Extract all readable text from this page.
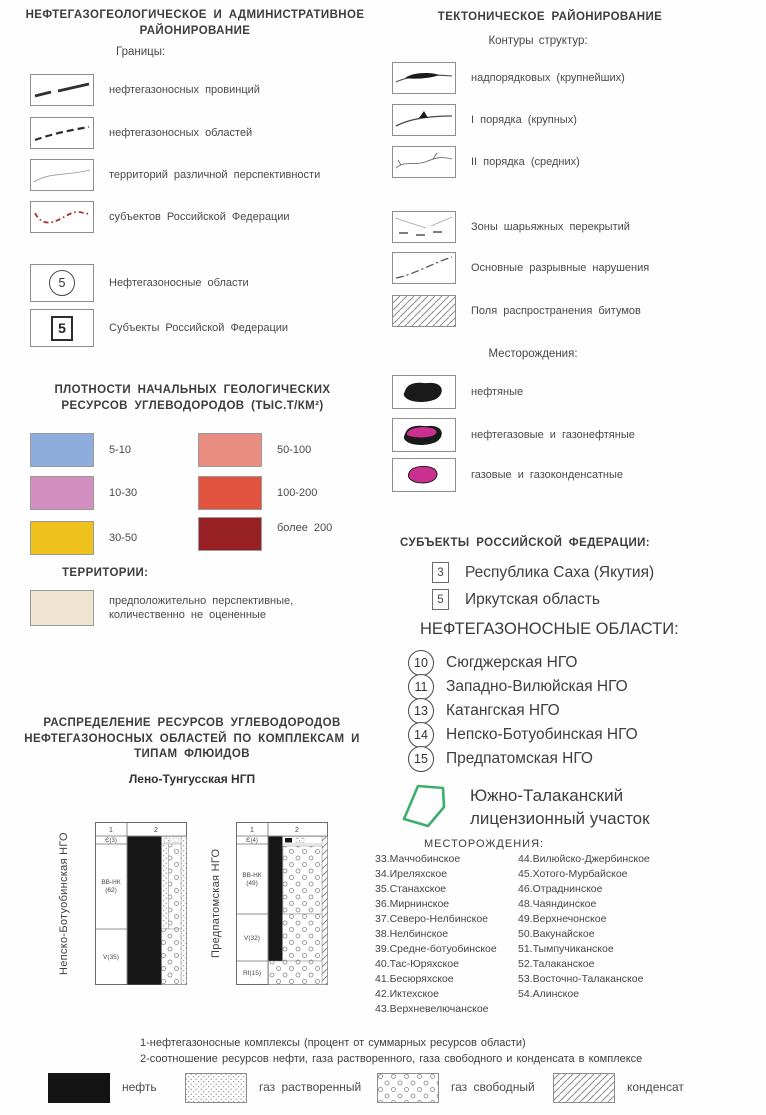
НЕФТЕГАЗОГЕОЛОГИЧЕСКОЕ И АДМИНИСТРАТИВНОЕ РАЙОНИРОВАНИЕ
Границы:
нефтегазоносных провинций
нефтегазоносных областей
территорий различной перспективности
субъектов Российской Федерации
5	Нефтегазоносные области
5	Субъекты Российской Федерации
ПЛОТНОСТИ НАЧАЛЬНЫХ ГЕОЛОГИЧЕСКИХ РЕСУРСОВ УГЛЕВОДОРОДОВ (ТЫС.Т/КМ²)
5-10
10-30
30-50
50-100
100-200
более 200
ТЕРРИТОРИИ:
предположительно перспективные, количественно не оцененные
РАСПРЕДЕЛЕНИЕ РЕСУРСОВ УГЛЕВОДОРОДОВ НЕФТЕГАЗОНОСНЫХ ОБЛАСТЕЙ ПО КОМПЛЕКСАМ И ТИПАМ ФЛЮИДОВ
Лено-Тунгусская НГП
Непско-Ботуобинская НГО
1	2
Є(3)
ВВ-НК
(62)
V(35)	Предпатомская НГО
1	2
Є(4)
ВВ-НК
(49)
V(32)
Rf(15)
ТЕКТОНИЧЕСКОЕ РАЙОНИРОВАНИЕ
Контуры структур:
надпорядковых (крупнейших)
I порядка (крупных)
II порядка (средних)
Зоны шарьяжных перекрытий
Основные разрывные нарушения
Поля распространения битумов
Месторождения:
нефтяные
нефтегазовые и газонефтяные
газовые и газоконденсатные
СУБЪЕКТЫ РОССИЙСКОЙ ФЕДЕРАЦИИ:
3	Республика Саха (Якутия)
5	Иркутская область
НЕФТЕГАЗОНОСНЫЕ ОБЛАСТИ:
10	Сюгджерская НГО
11	Западно-Вилюйская НГО
13	Катангская НГО
14	Непско-Ботуобинская НГО
15	Предпатомская НГО
Южно-Талаканский
лицензионный участок
МЕСТОРОЖДЕНИЯ:
33.Маччобинское
34.Иреляхское
35.Станахское
36.Мирнинское
37.Северо-Нелбинское
38.Нелбинское
39.Средне-ботуобинское
40.Тас-Юряхское
41.Бесюряхское
42.Иктехское
43.Верхневелючанское
44.Вилюйско-Джербинское
45.Хотого-Мурбайское
46.Отраднинское
48.Чаяндинское
49.Верхнечонское
50.Вакунайское
51.Тымпучиканское
52.Талаканское
53.Восточно-Талаканское
54.Алинское
1-нефтегазоносные комплексы (процент от суммарных ресурсов области)
2-соотношение ресурсов нефти, газа растворенного, газа свободного и конденсата в комплексе
нефть	газ растворенный	газ свободный	конденсат
